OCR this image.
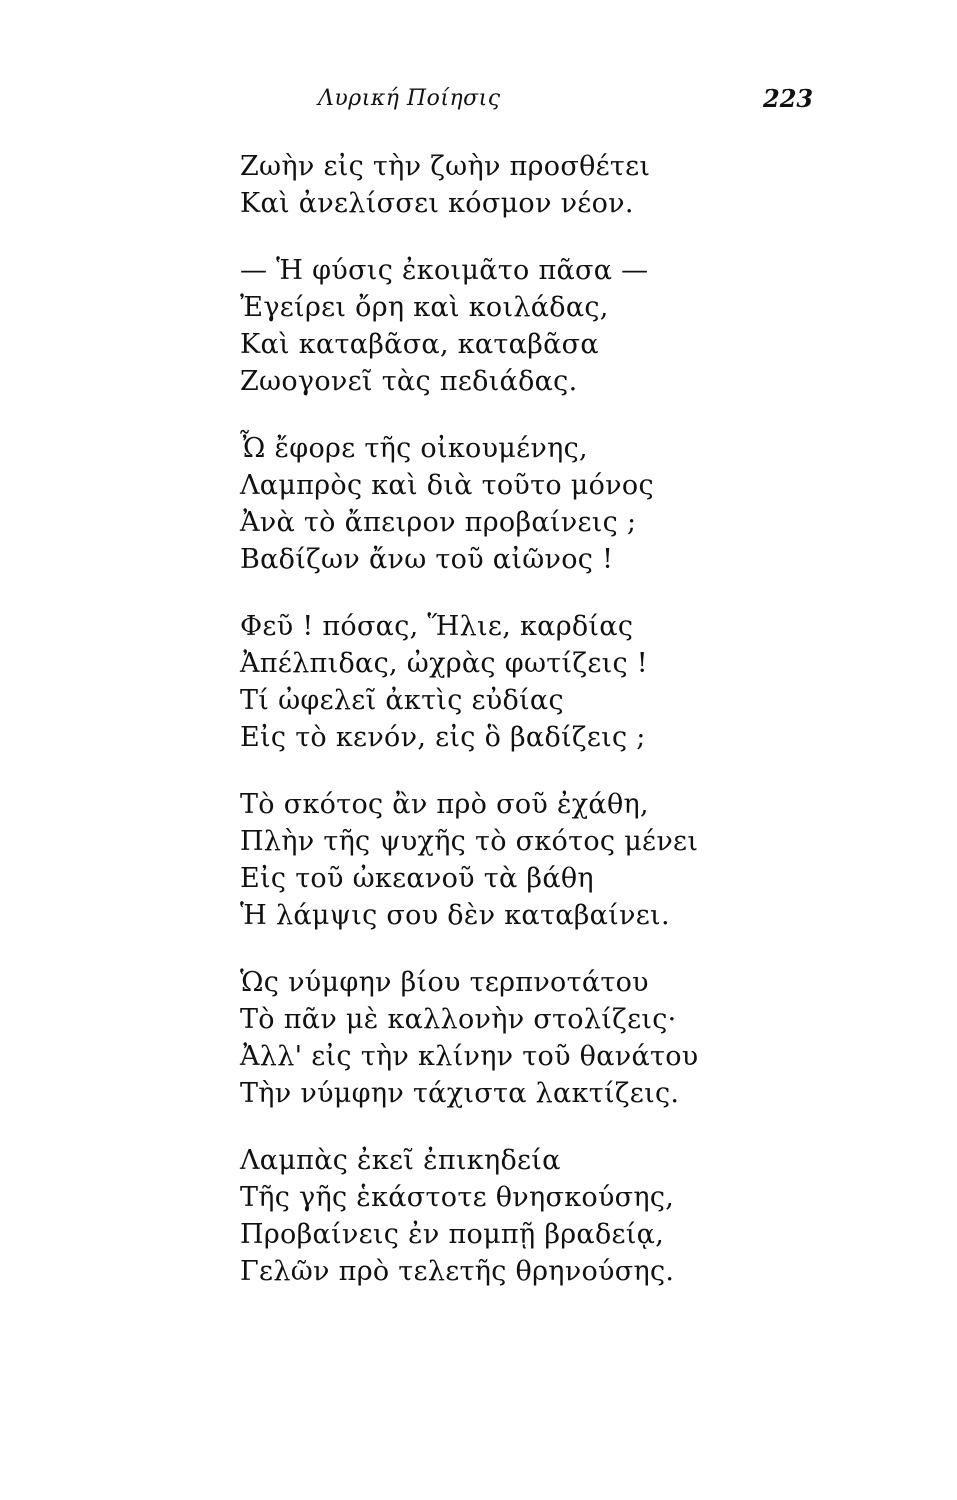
Λυρική Ποίησις	223
Ζωὴν εἰς τὴν ζωὴν προσθέτει
Καὶ ἀνελίσσει κόσμον νέον.
— Ἡ φύσις ἐκοιμᾶτο πᾶσα —
Ἐγείρει ὄρη καὶ κοιλάδας,
Καὶ καταβᾶσα, καταβᾶσα
Ζωογονεῖ τὰς πεδιάδας.
Ὦ ἔφορε τῆς οἰκουμένης,
Λαμπρὸς καὶ διὰ τοῦτο μόνος
Ἀνὰ τὸ ἄπειρον προβαίνεις ;
Βαδίζων ἄνω τοῦ αἰῶνος !
Φεῦ ! πόσας, Ἥλιε, καρδίας
Ἀπέλπιδας, ὠχρὰς φωτίζεις !
Τί ὠφελεῖ ἀκτὶς εὐδίας
Εἰς τὸ κενόν, εἰς ὃ βαδίζεις ;
Τὸ σκότος ἂν πρὸ σοῦ ἐχάθη,
Πλὴν τῆς ψυχῆς τὸ σκότος μένει
Εἰς τοῦ ὠκεανοῦ τὰ βάθη
Ἡ λάμψις σου δὲν καταβαίνει.
Ὡς νύμφην βίου τερπνοτάτου
Τὸ πᾶν μὲ καλλονὴν στολίζεις·
Ἀλλ' εἰς τὴν κλίνην τοῦ θανάτου
Τὴν νύμφην τάχιστα λακτίζεις.
Λαμπὰς ἐκεῖ ἐπικηδεία
Τῆς γῆς ἑκάστοτε θνησκούσης,
Προβαίνεις ἐν πομπῇ βραδείᾳ,
Γελῶν πρὸ τελετῆς θρηνούσης.
